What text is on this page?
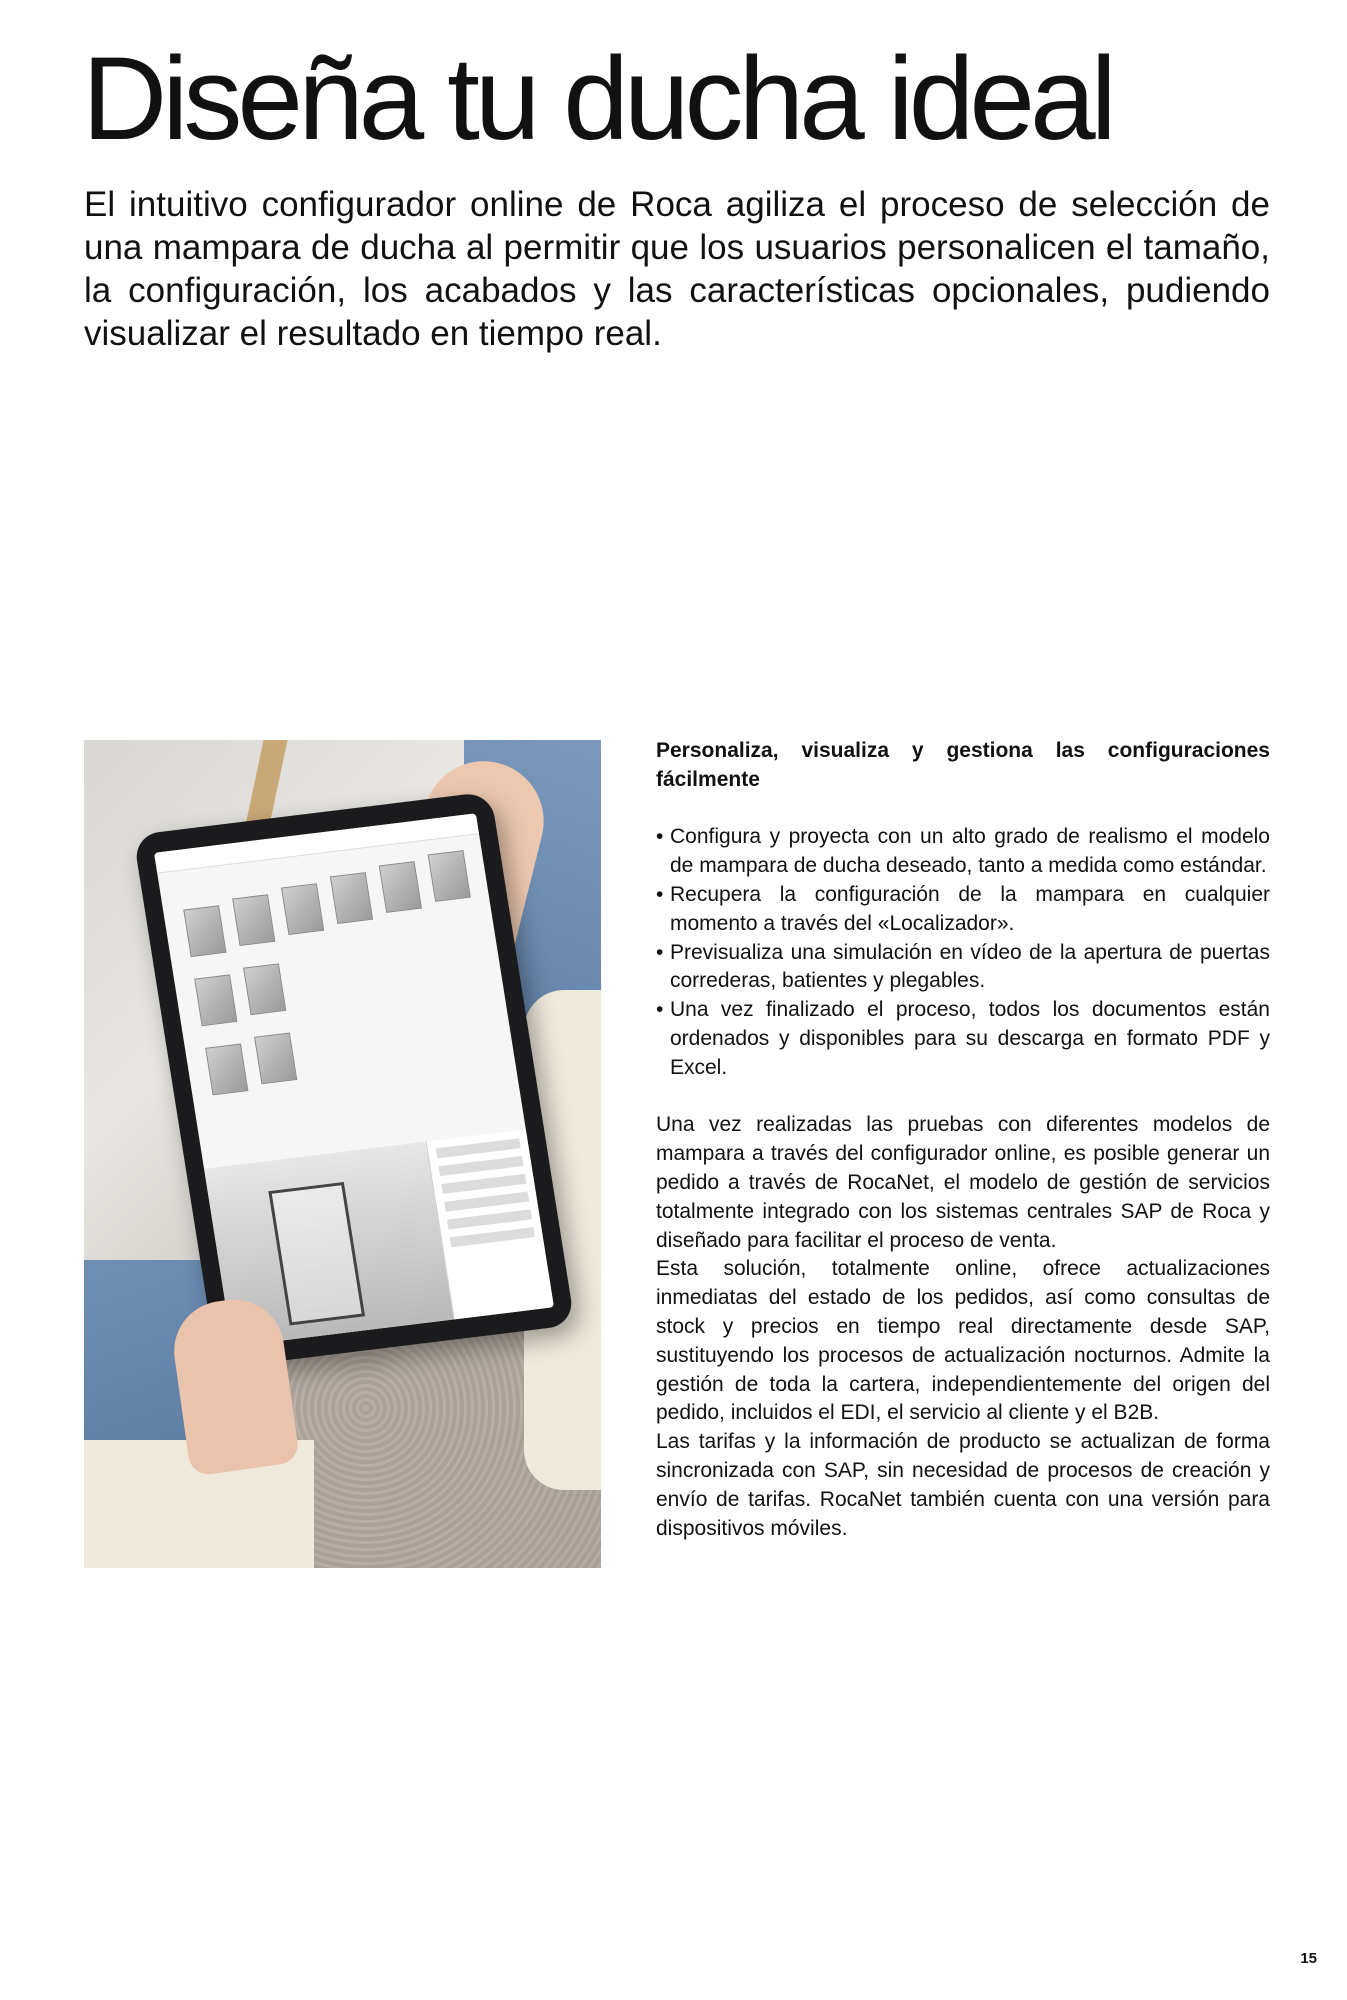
Diseña tu ducha ideal

El intuitivo configurador online de Roca agiliza el proceso de selección de una mampara de ducha al permitir que los usuarios personalicen el tamaño, la configuración, los acabados y las características opcionales, pudiendo visualizar el resultado en tiempo real.

Personaliza, visualiza y gestiona las configuraciones fácilmente

• Configura y proyecta con un alto grado de realismo el modelo de mampara de ducha deseado, tanto a medida como estándar.
• Recupera la configuración de la mampara en cualquier momento a través del «Localizador».
• Previsualiza una simulación en vídeo de la apertura de puertas correderas, batientes y plegables.
• Una vez finalizado el proceso, todos los documentos están ordenados y disponibles para su descarga en formato PDF y Excel.

Una vez realizadas las pruebas con diferentes modelos de mampara a través del configurador online, es posible generar un pedido a través de RocaNet, el modelo de gestión de servicios totalmente integrado con los sistemas centrales SAP de Roca y diseñado para facilitar el proceso de venta.

Esta solución, totalmente online, ofrece actualizaciones inmediatas del estado de los pedidos, así como consultas de stock y precios en tiempo real directamente desde SAP, sustituyendo los procesos de actualización nocturnos. Admite la gestión de toda la cartera, independientemente del origen del pedido, incluidos el EDI, el servicio al cliente y el B2B.

Las tarifas y la información de producto se actualizan de forma sincronizada con SAP, sin necesidad de procesos de creación y envío de tarifas. RocaNet también cuenta con una versión para dispositivos móviles.

15
